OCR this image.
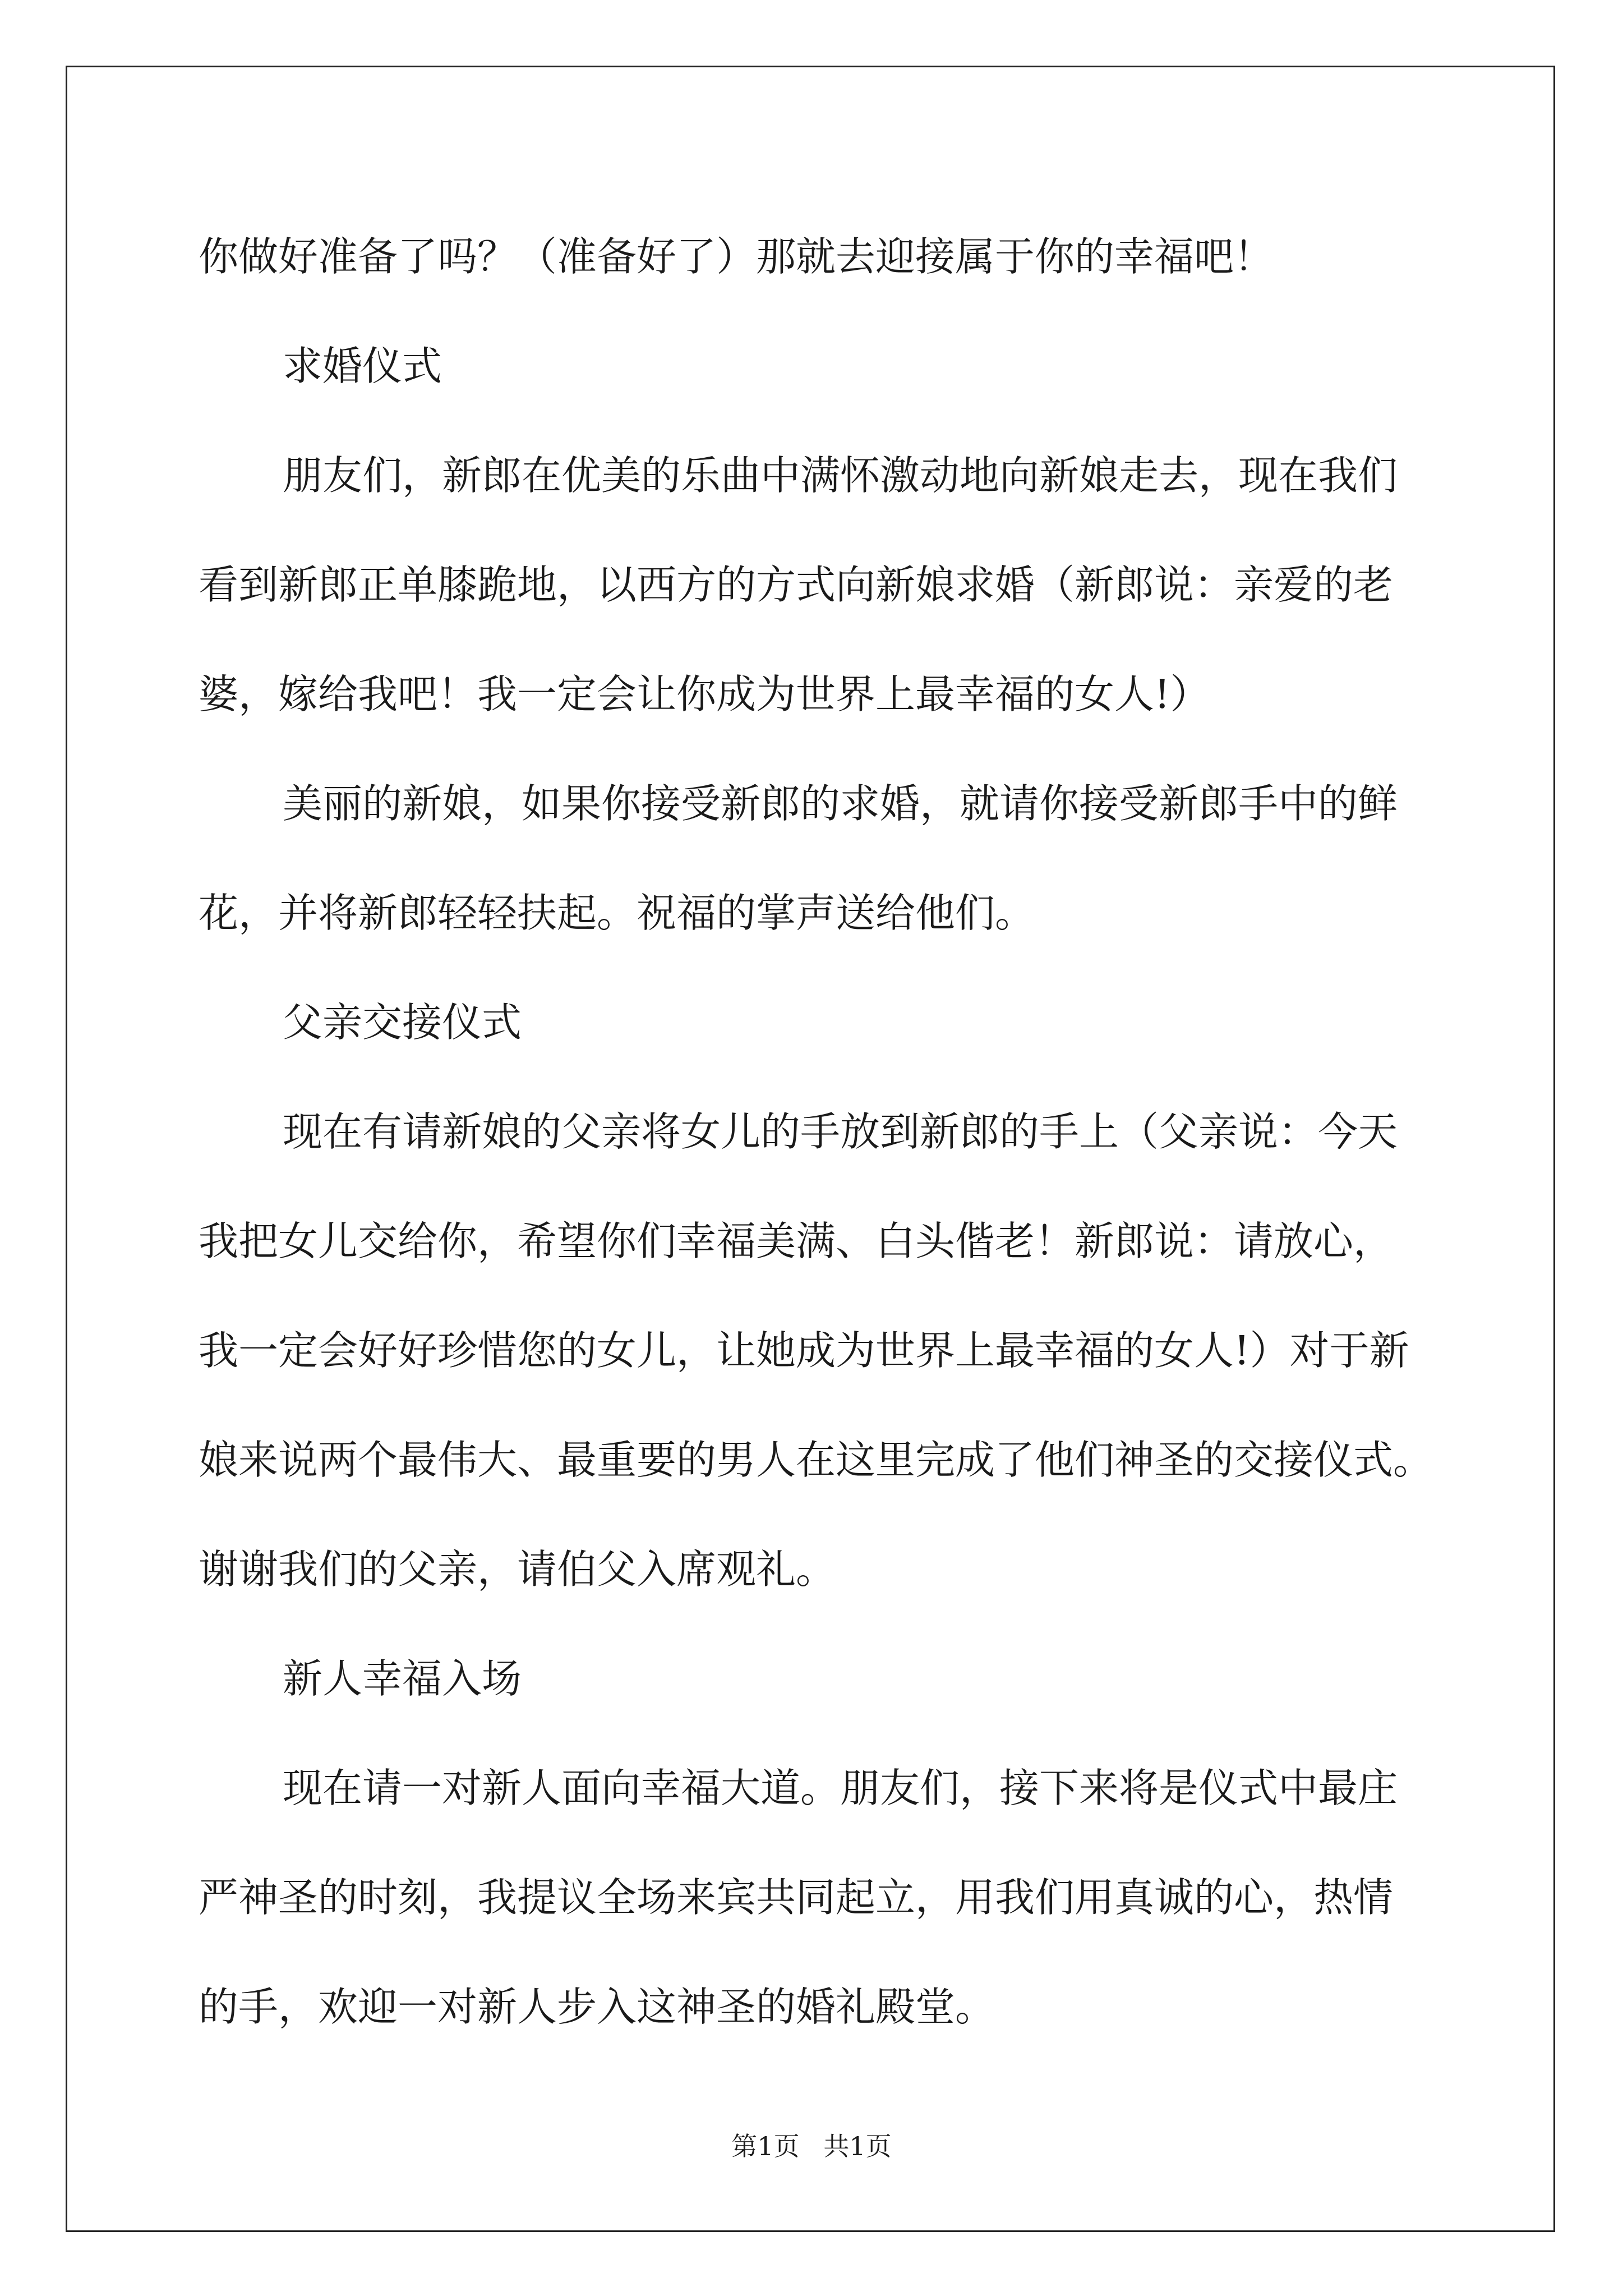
你做好准备了吗？（准备好了）那就去迎接属于你的幸福吧！

求婚仪式

朋友们，新郎在优美的乐曲中满怀激动地向新娘走去，现在我们

看到新郎正单膝跪地，以西方的方式向新娘求婚（新郎说：亲爱的老

婆，嫁给我吧！我一定会让你成为世界上最幸福的女人!）

美丽的新娘，如果你接受新郎的求婚，就请你接受新郎手中的鲜

花，并将新郎轻轻扶起。祝福的掌声送给他们。

父亲交接仪式

现在有请新娘的父亲将女儿的手放到新郎的手上（父亲说：今天

我把女儿交给你，希望你们幸福美满、白头偕老！新郎说：请放心，

我一定会好好珍惜您的女儿，让她成为世界上最幸福的女人!）对于新

娘来说两个最伟大、最重要的男人在这里完成了他们神圣的交接仪式。

谢谢我们的父亲，请伯父入席观礼。

新人幸福入场

现在请一对新人面向幸福大道。朋友们，接下来将是仪式中最庄

严神圣的时刻，我提议全场来宾共同起立，用我们用真诚的心，热情

的手，欢迎一对新人步入这神圣的婚礼殿堂。

第1页 共1页
